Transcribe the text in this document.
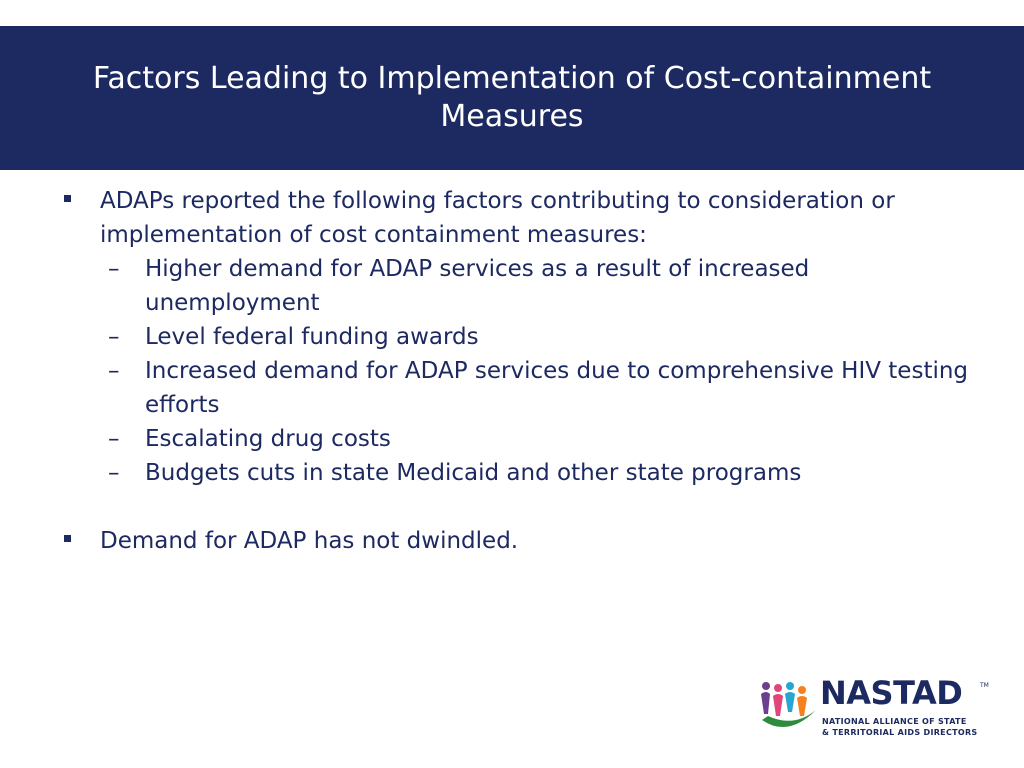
Factors Leading to Implementation of Cost-containment Measures
ADAPs reported the following factors contributing to consideration or implementation of cost containment measures:
– Higher demand for ADAP services as a result of increased unemployment
– Level federal funding awards
– Increased demand for ADAP services due to comprehensive HIV testing efforts
– Escalating drug costs
– Budgets cuts in state Medicaid and other state programs
Demand for ADAP has not dwindled.
NASTAD	TM
NATIONAL ALLIANCE OF STATE
& TERRITORIAL AIDS DIRECTORS
